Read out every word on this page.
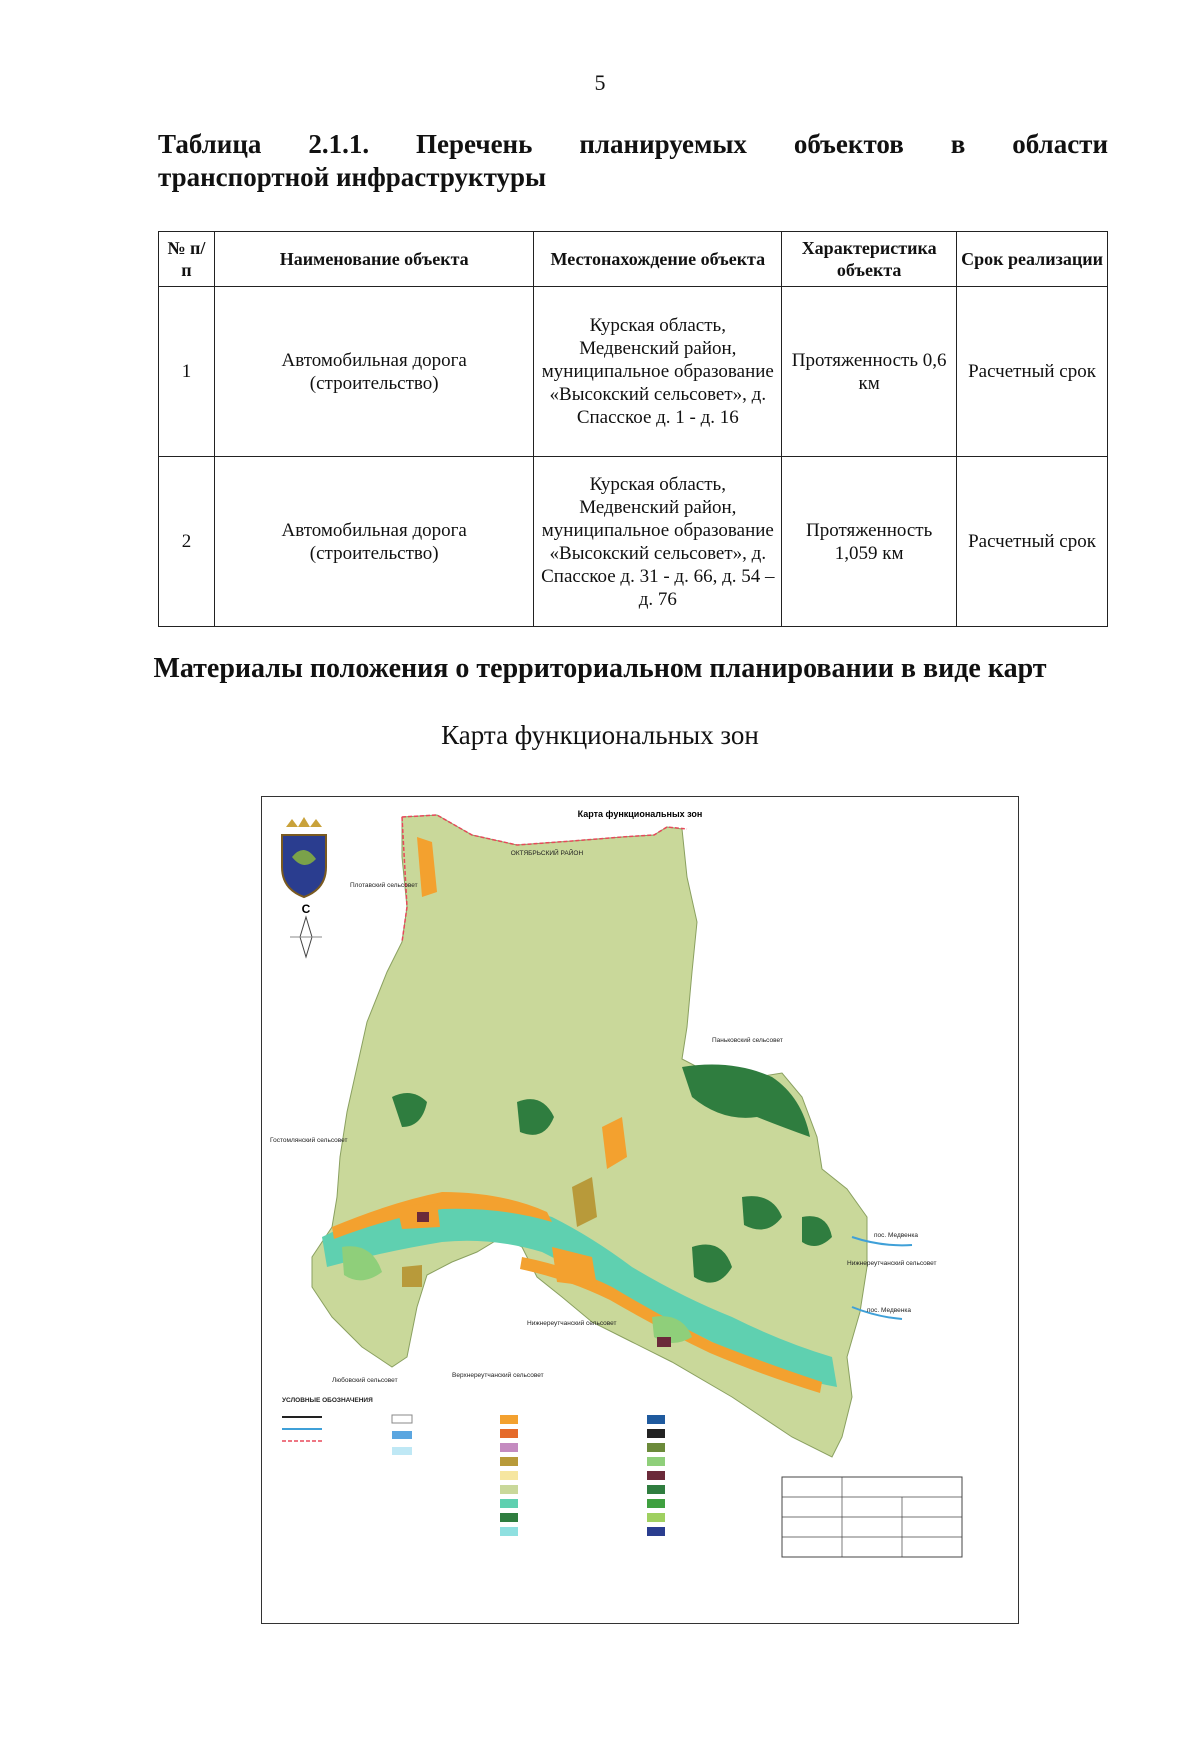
5
Таблица 2.1.1. Перечень планируемых объектов в области
транспортной инфраструктуры
№ п/п	Наименование объекта	Местонахождение объекта	Характеристика объекта	Срок реализации
1	Автомобильная дорога (строительство)	Курская область, Медвенский район, муниципальное образование «Высокский сельсовет», д. Спасское д. 1 - д. 16	Протяженность 0,6 км	Расчетный срок
2	Автомобильная дорога (строительство)	Курская область, Медвенский район, муниципальное образование «Высокский сельсовет», д. Спасское д. 31 - д. 66, д. 54 – д. 76	Протяженность 1,059 км	Расчетный срок
Материалы положения о территориальном планировании в виде карт
Карта функциональных зон
Карта функциональных зон
С
ОКТЯБРЬСКИЙ РАЙОН
Плотавский сельсовет
Паньковский сельсовет
Гостомлянский сельсовет
пос. Медвенка
Нижнереутчанский сельсовет
пос. Медвенка
Нижнереутчанский сельсовет
Любовский сельсовет
Верхнереутчанский сельсовет
УСЛОВНЫЕ ОБОЗНАЧЕНИЯ
